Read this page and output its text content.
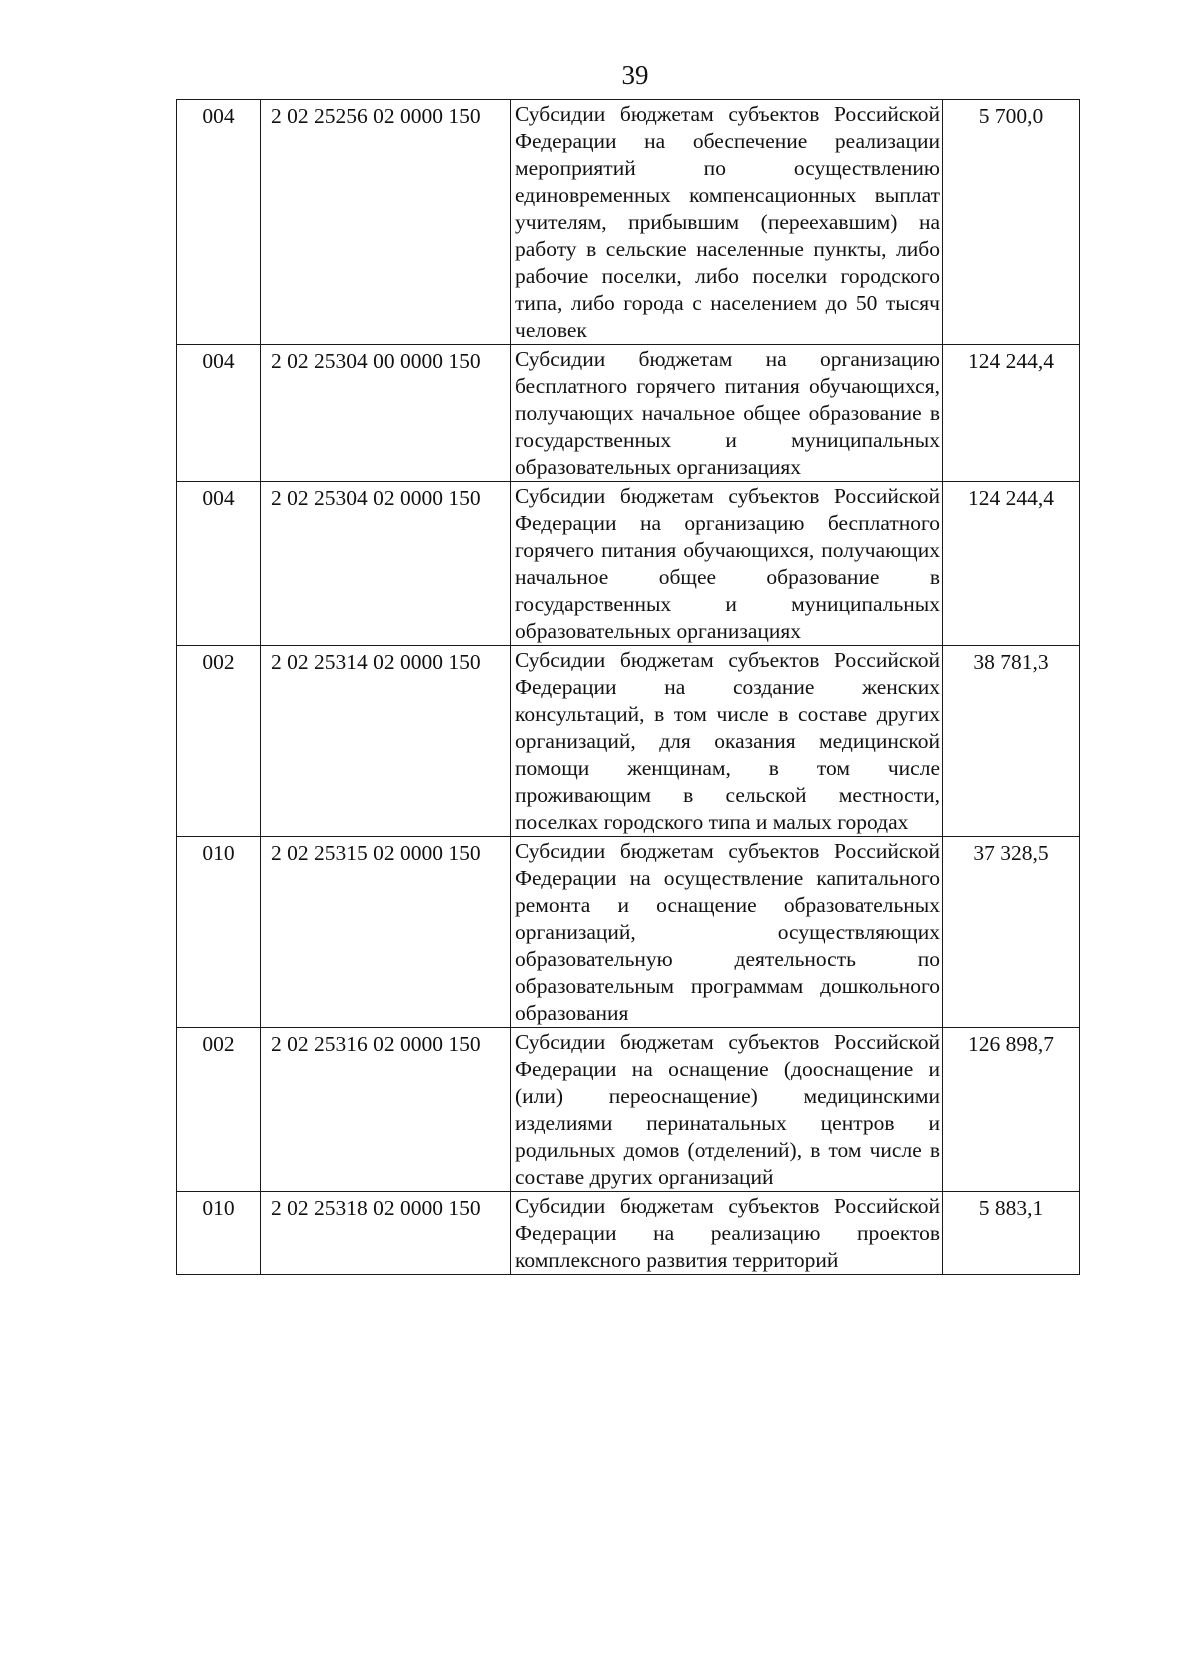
39
004	2 02 25256 02 0000 150	Субсидии бюджетам субъектов Российской Федерации на обеспечение реализации мероприятий по осуществлению единовременных компенсационных выплат учителям, прибывшим (переехавшим) на работу в сельские населенные пункты, либо рабочие поселки, либо поселки городского типа, либо города с населением до 50 тысяч человек	5 700,0
004	2 02 25304 00 0000 150	Субсидии бюджетам на организацию бесплатного горячего питания обучающихся, получающих начальное общее образование в государственных и муниципальных образовательных организациях	124 244,4
004	2 02 25304 02 0000 150	Субсидии бюджетам субъектов Российской Федерации на организацию бесплатного горячего питания обучающихся, получающих начальное общее образование в государственных и муниципальных образовательных организациях	124 244,4
002	2 02 25314 02 0000 150	Субсидии бюджетам субъектов Российской Федерации на создание женских консультаций, в том числе в составе других организаций, для оказания медицинской помощи женщинам, в том числе проживающим в сельской местности, поселках городского типа и малых городах	38 781,3
010	2 02 25315 02 0000 150	Субсидии бюджетам субъектов Российской Федерации на осуществление капитального ремонта и оснащение образовательных организаций, осуществляющих образовательную деятельность по образовательным программам дошкольного образования	37 328,5
002	2 02 25316 02 0000 150	Субсидии бюджетам субъектов Российской Федерации на оснащение (дооснащение и (или) переоснащение) медицинскими изделиями перинатальных центров и родильных домов (отделений), в том числе в составе других организаций	126 898,7
010	2 02 25318 02 0000 150	Субсидии бюджетам субъектов Российской Федерации на реализацию проектов комплексного развития территорий	5 883,1
